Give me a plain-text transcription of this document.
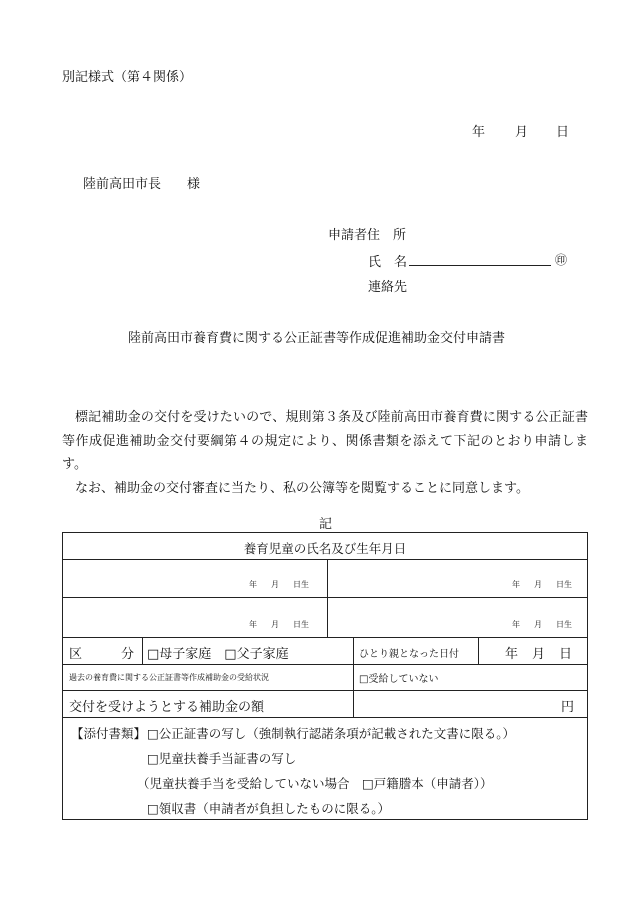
別記様式（第４関係）
年 月 日
陸前高田市長　　様
申請者住　所
氏　名	㊞
連絡先
陸前高田市養育費に関する公正証書等作成促進補助金交付申請書

標記補助金の交付を受けたいので、規則第３条及び陸前高田市養育費に関する公正証書等作成促進補助金交付要綱第４の規定により、関係書類を添えて下記のとおり申請します。

なお、補助金の交付審査に当たり、私の公簿等を閲覧することに同意します。

記
養育児童の氏名及び生年月日
年 月 日生	年 月 日生
年 月 日生	年 月 日生
区　　　分 □母子家庭　□父子家庭	ひとり親となった日付	年 月 日
過去の養育費に関する公正証書等作成補助金の受給状況	□受給していない
交付を受けようとする補助金の額	円
【添付書類】 □公正証書の写し（強制執行認諾条項が記載された文書に限る。）
□児童扶養手当証書の写し
（児童扶養手当を受給していない場合　□戸籍謄本（申請者））
□領収書（申請者が負担したものに限る。）
